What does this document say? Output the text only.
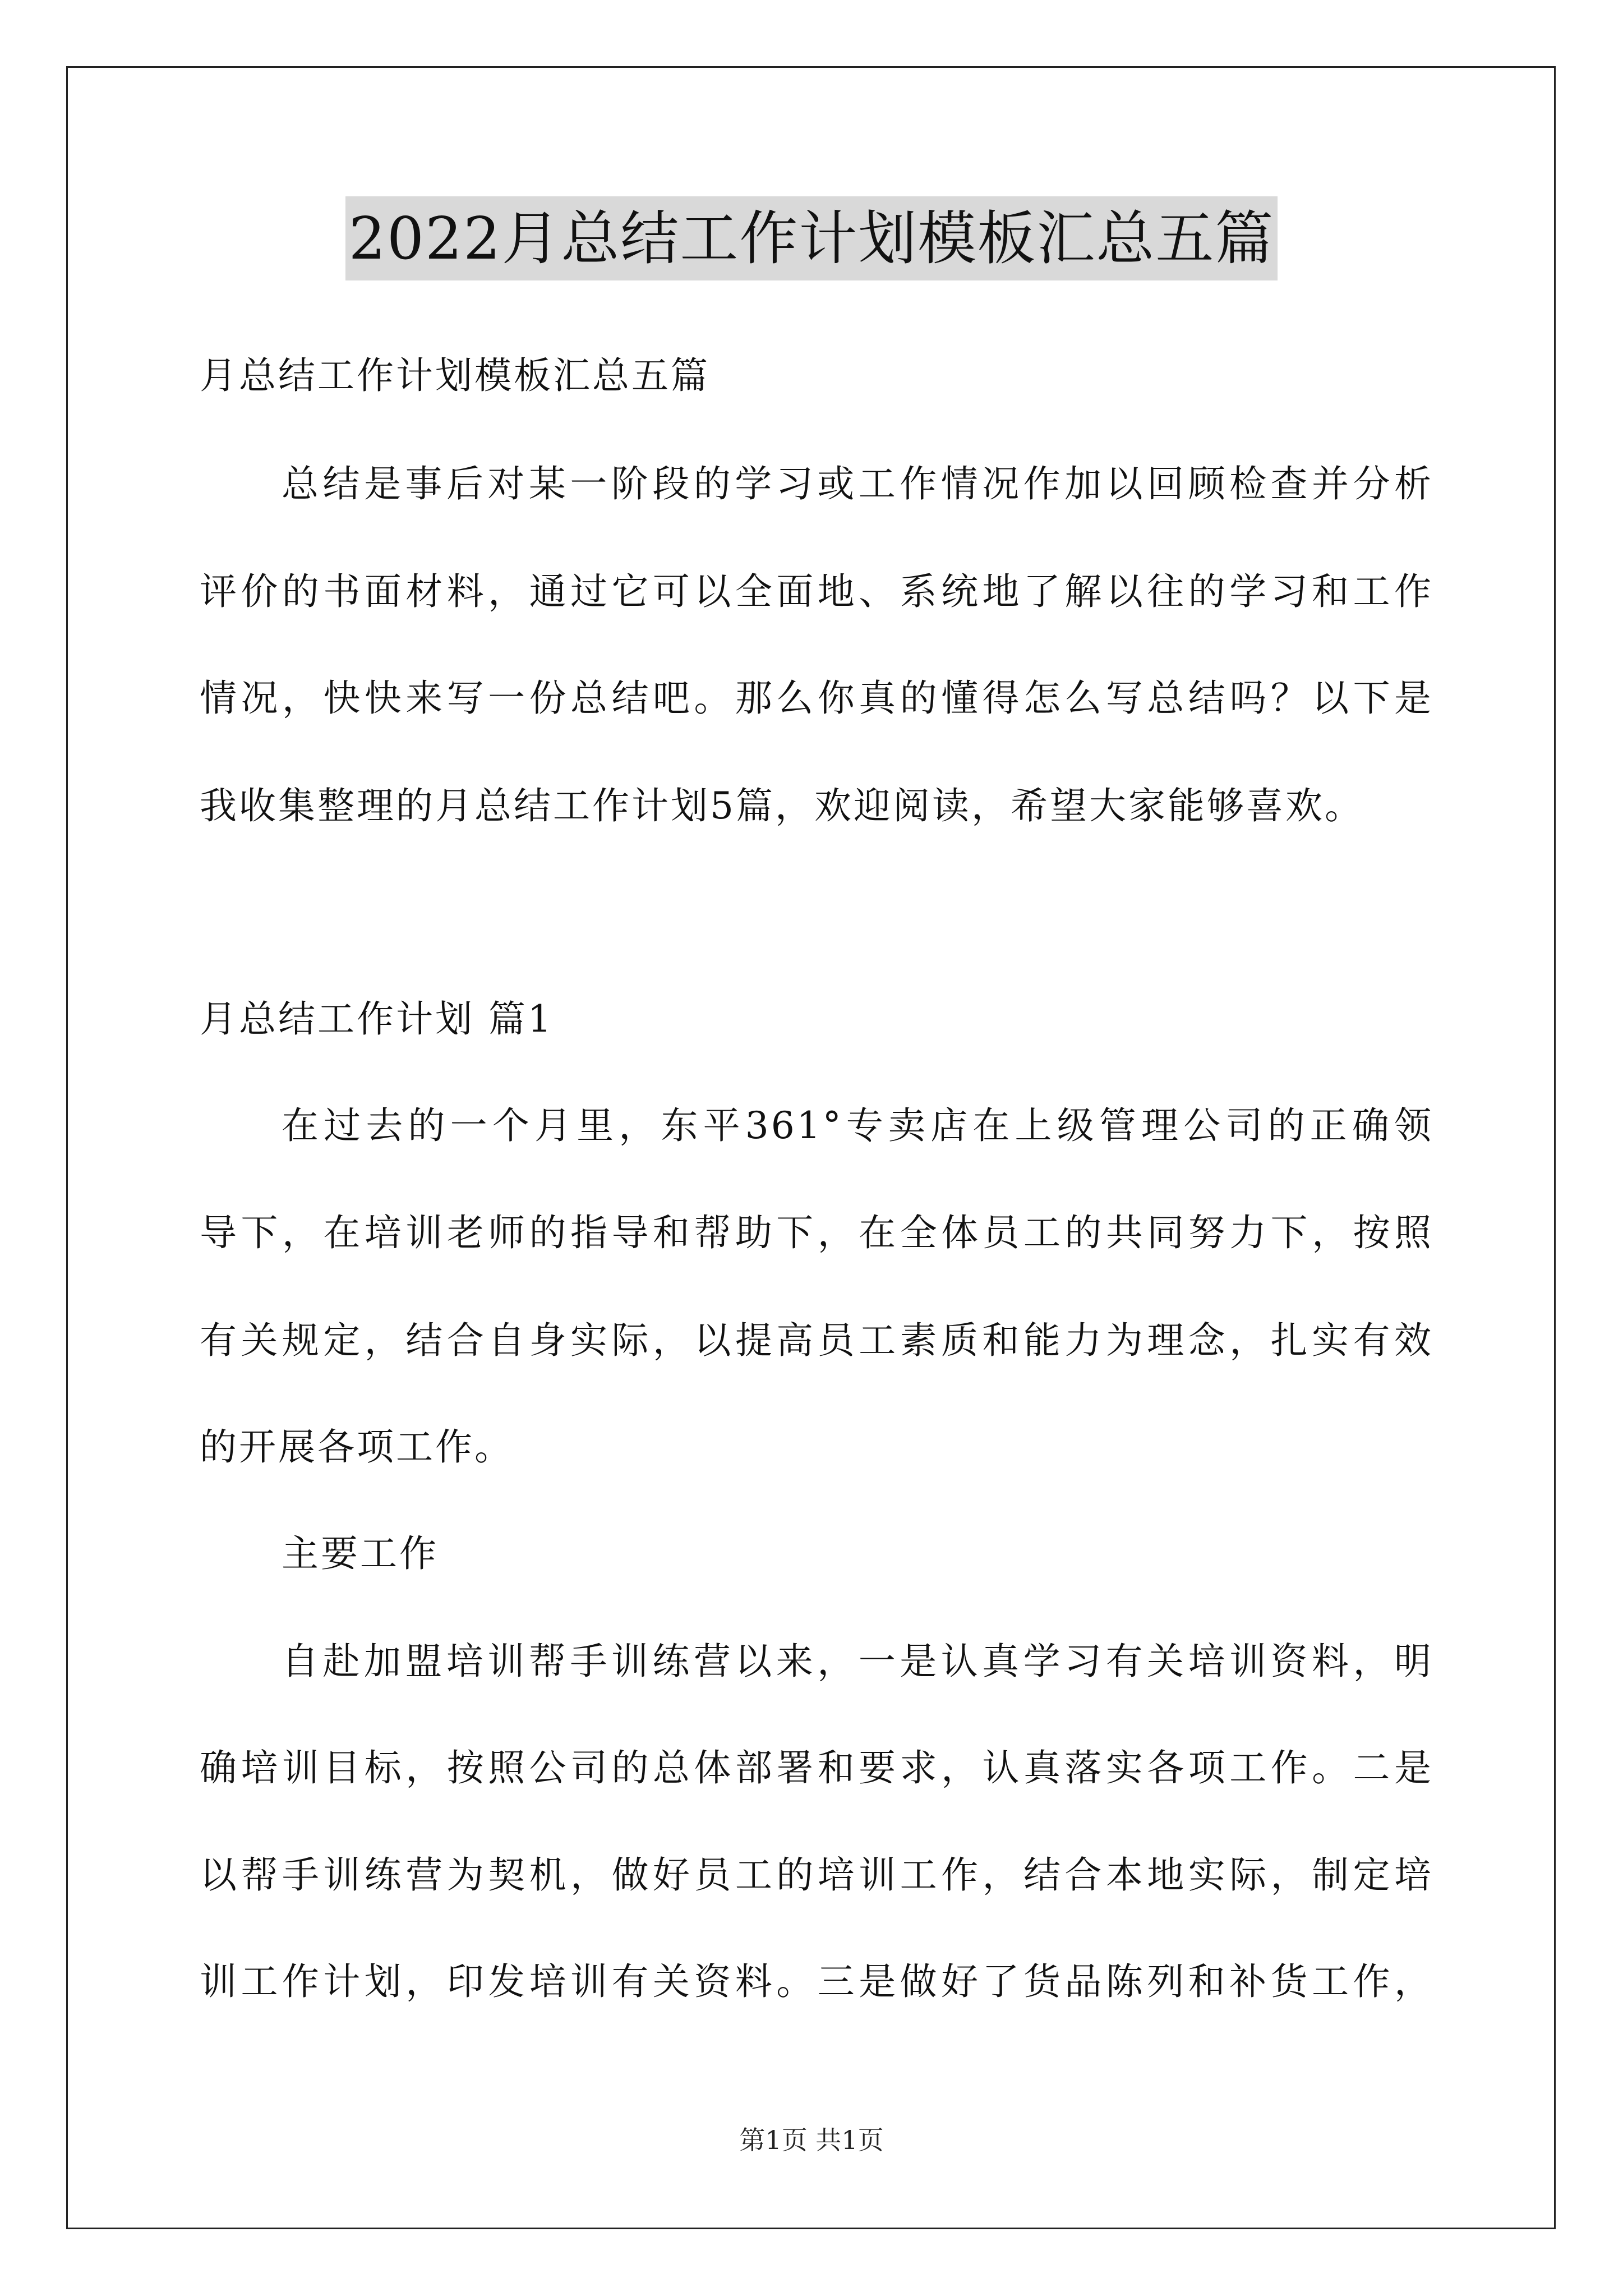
2022月总结工作计划模板汇总五篇
月总结工作计划模板汇总五篇
总结是事后对某一阶段的学习或工作情况作加以回顾检查并分析
评价的书面材料，通过它可以全面地、系统地了解以往的学习和工作
情况，快快来写一份总结吧。那么你真的懂得怎么写总结吗？以下是
我收集整理的月总结工作计划5篇，欢迎阅读，希望大家能够喜欢。
月总结工作计划 篇1
在过去的一个月里，东平361°专卖店在上级管理公司的正确领
导下，在培训老师的指导和帮助下，在全体员工的共同努力下，按照
有关规定，结合自身实际，以提高员工素质和能力为理念，扎实有效
的开展各项工作。
主要工作
自赴加盟培训帮手训练营以来，一是认真学习有关培训资料，明
确培训目标，按照公司的总体部署和要求，认真落实各项工作。二是
以帮手训练营为契机，做好员工的培训工作，结合本地实际，制定培
训工作计划，印发培训有关资料。三是做好了货品陈列和补货工作，
第1页 共1页
